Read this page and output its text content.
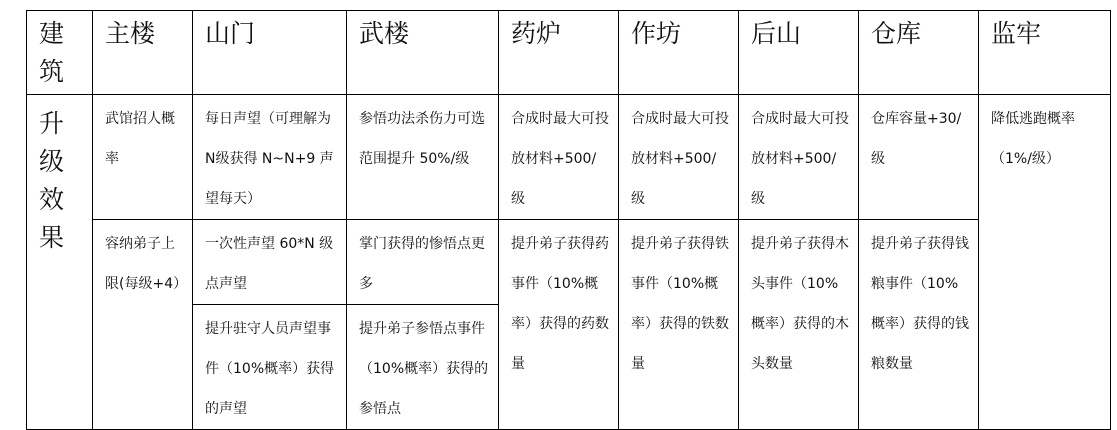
建筑	主楼	山门	武楼	药炉	作坊	后山	仓库	监牢
升级效果	武馆招人概率	每日声望（可理解为N级获得 N~N+9 声望每天）	参悟功法杀伤力可选范围提升 50%/级	合成时最大可投放材料+500/级	合成时最大可投放材料+500/级	合成时最大可投放材料+500/级	仓库容量+30/级	降低逃跑概率（1%/级）
	容纳弟子上限(每级+4）	一次性声望 60*N 级点声望	掌门获得的惨悟点更多	提升弟子获得药事件（10%概率）获得的药数量	提升弟子获得铁事件（10%概率）获得的铁数量	提升弟子获得木头事件（10%概率）获得的木头数量	提升弟子获得钱粮事件（10%概率）获得的钱粮数量	
		提升驻守人员声望事件（10%概率）获得的声望	提升弟子参悟点事件（10%概率）获得的参悟点					
